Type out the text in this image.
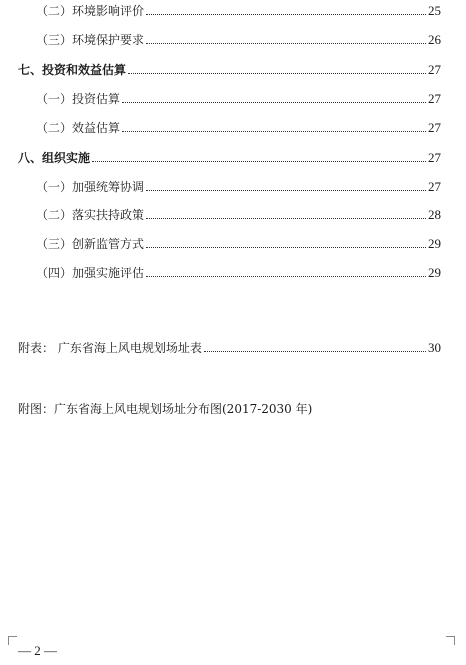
（二）环境影响评价	25
（三）环境保护要求	26
七、投资和效益估算	27
（一）投资估算	27
（二）效益估算	27
八、组织实施	27
（一）加强统筹协调	27
（二）落实扶持政策	28
（三）创新监管方式	29
（四）加强实施评估	29
附表： 广东省海上风电规划场址表	30
附图：广东省海上风电规划场址分布图(2017-2030 年)
— 2 —
